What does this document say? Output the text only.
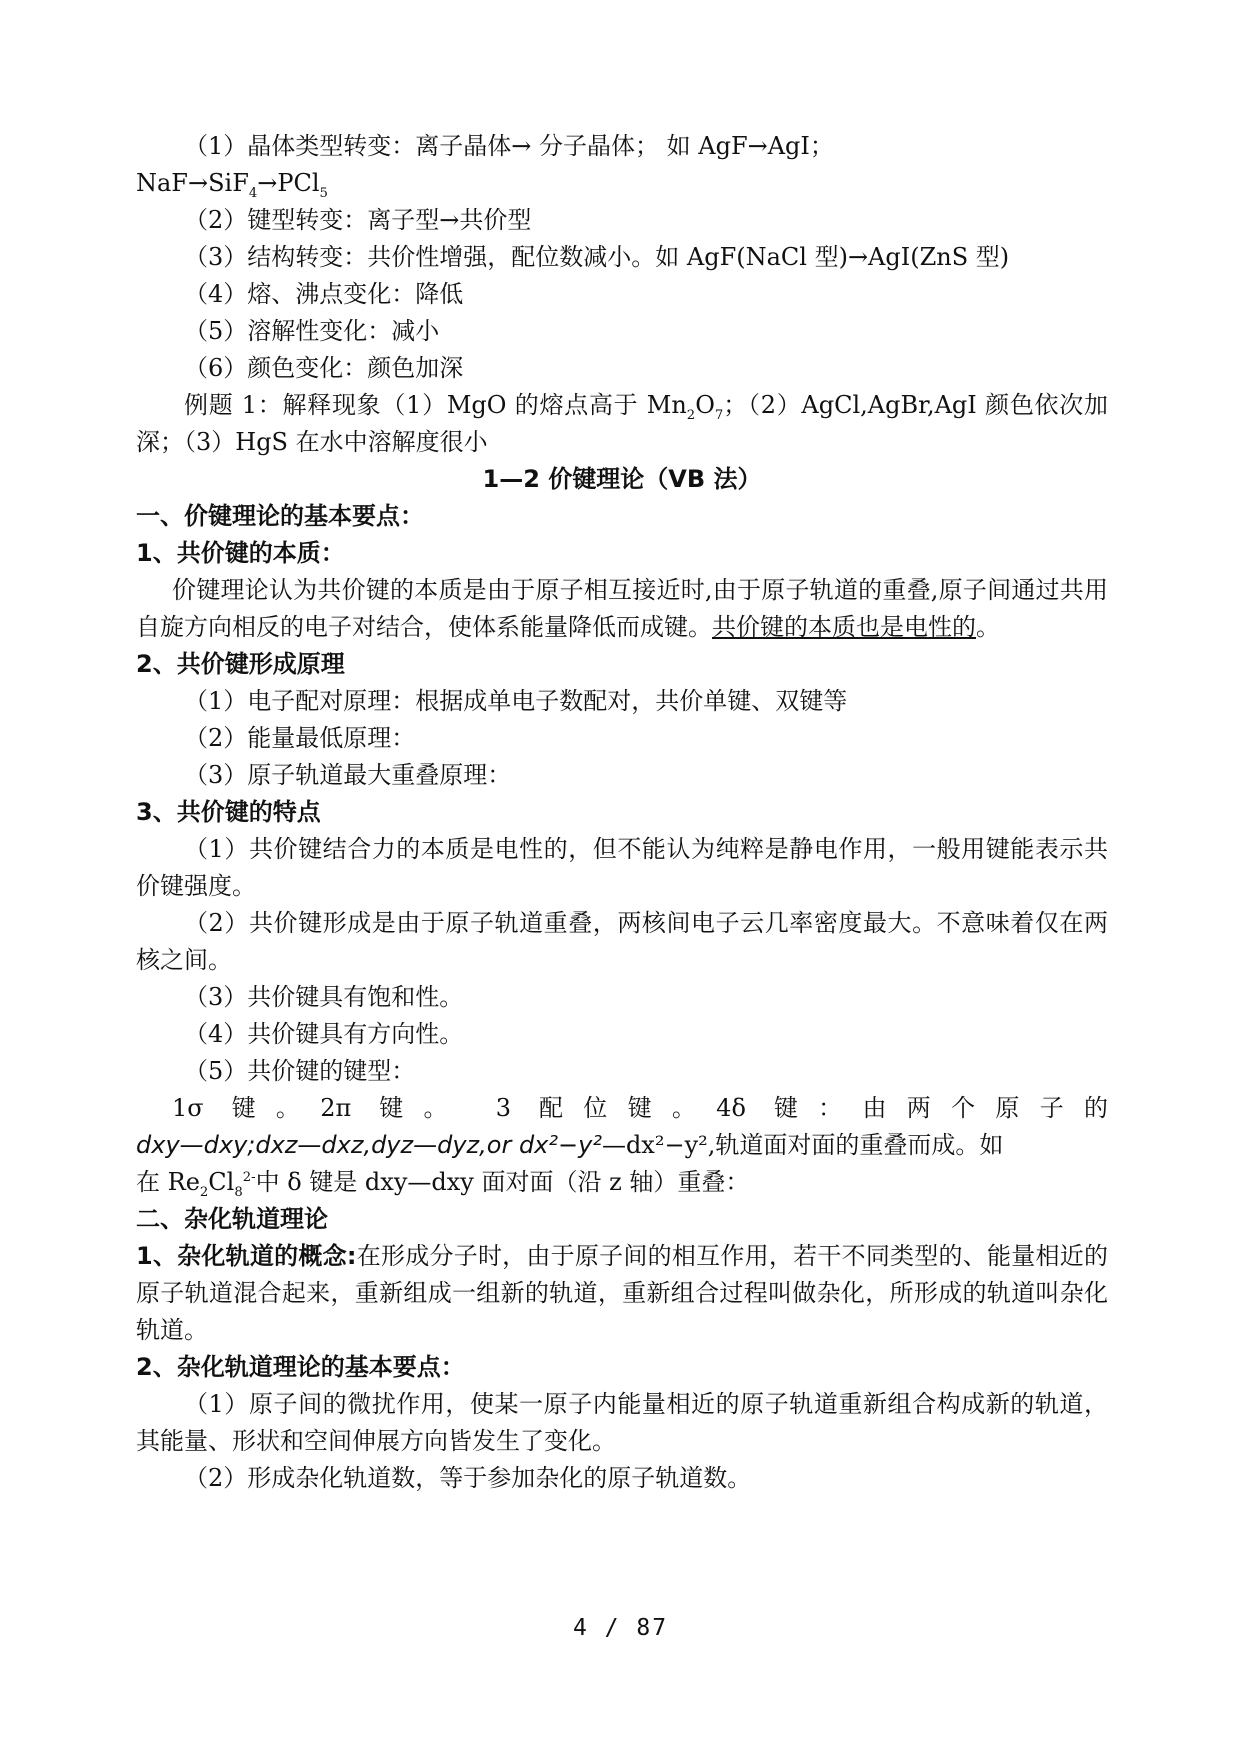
（1）晶体类型转变：离子晶体→ 分子晶体； 如 AgF→AgI；

NaF→SiF$_4$→PCl$_5$

（2）键型转变：离子型→共价型

（3）结构转变：共价性增强，配位数减小。如 AgF(NaCl 型)→AgI(ZnS 型)

（4）熔、沸点变化：降低

（5）溶解性变化：减小

（6）颜色变化：颜色加深

例题 1：解释现象（1）MgO 的熔点高于 $Mn_2O_7$；（2）AgCl,AgBr,AgI 颜色依次加深；（3）HgS 在水中溶解度很小

1—2 价键理论（VB 法）

一、价键理论的基本要点：

1、共价键的本质：

价键理论认为共价键的本质是由于原子相互接近时,由于原子轨道的重叠,原子间通过共用自旋方向相反的电子对结合，使体系能量降低而成键。共价键的本质也是电性的。

2、共价键形成原理

（1）电子配对原理：根据成单电子数配对，共价单键、双键等

（2）能量最低原理：

（3）原子轨道最大重叠原理：

3、共价键的特点

（1）共价键结合力的本质是电性的，但不能认为纯粹是静电作用，一般用键能表示共价键强度。

（2）共价键形成是由于原子轨道重叠，两核间电子云几率密度最大。不意味着仅在两核之间。

（3）共价键具有饱和性。

（4）共价键具有方向性。

（5）共价键的键型：

1σ 键。2π 键。 3 配位键。4δ 键：由两个原子的

dxy—dxy;dxz—dxz,dyz—dyz,or dx²−y²—dx²−y²,轨道面对面的重叠而成。如

在 $Re_2Cl_8^{2-}$中 δ 键是 dxy—dxy 面对面（沿 z 轴）重叠：

二、杂化轨道理论

1、杂化轨道的概念:在形成分子时，由于原子间的相互作用，若干不同类型的、能量相近的原子轨道混合起来，重新组成一组新的轨道，重新组合过程叫做杂化，所形成的轨道叫杂化轨道。

2、杂化轨道理论的基本要点：

（1）原子间的微扰作用，使某一原子内能量相近的原子轨道重新组合构成新的轨道，其能量、形状和空间伸展方向皆发生了变化。

（2）形成杂化轨道数，等于参加杂化的原子轨道数。

4 / 87
